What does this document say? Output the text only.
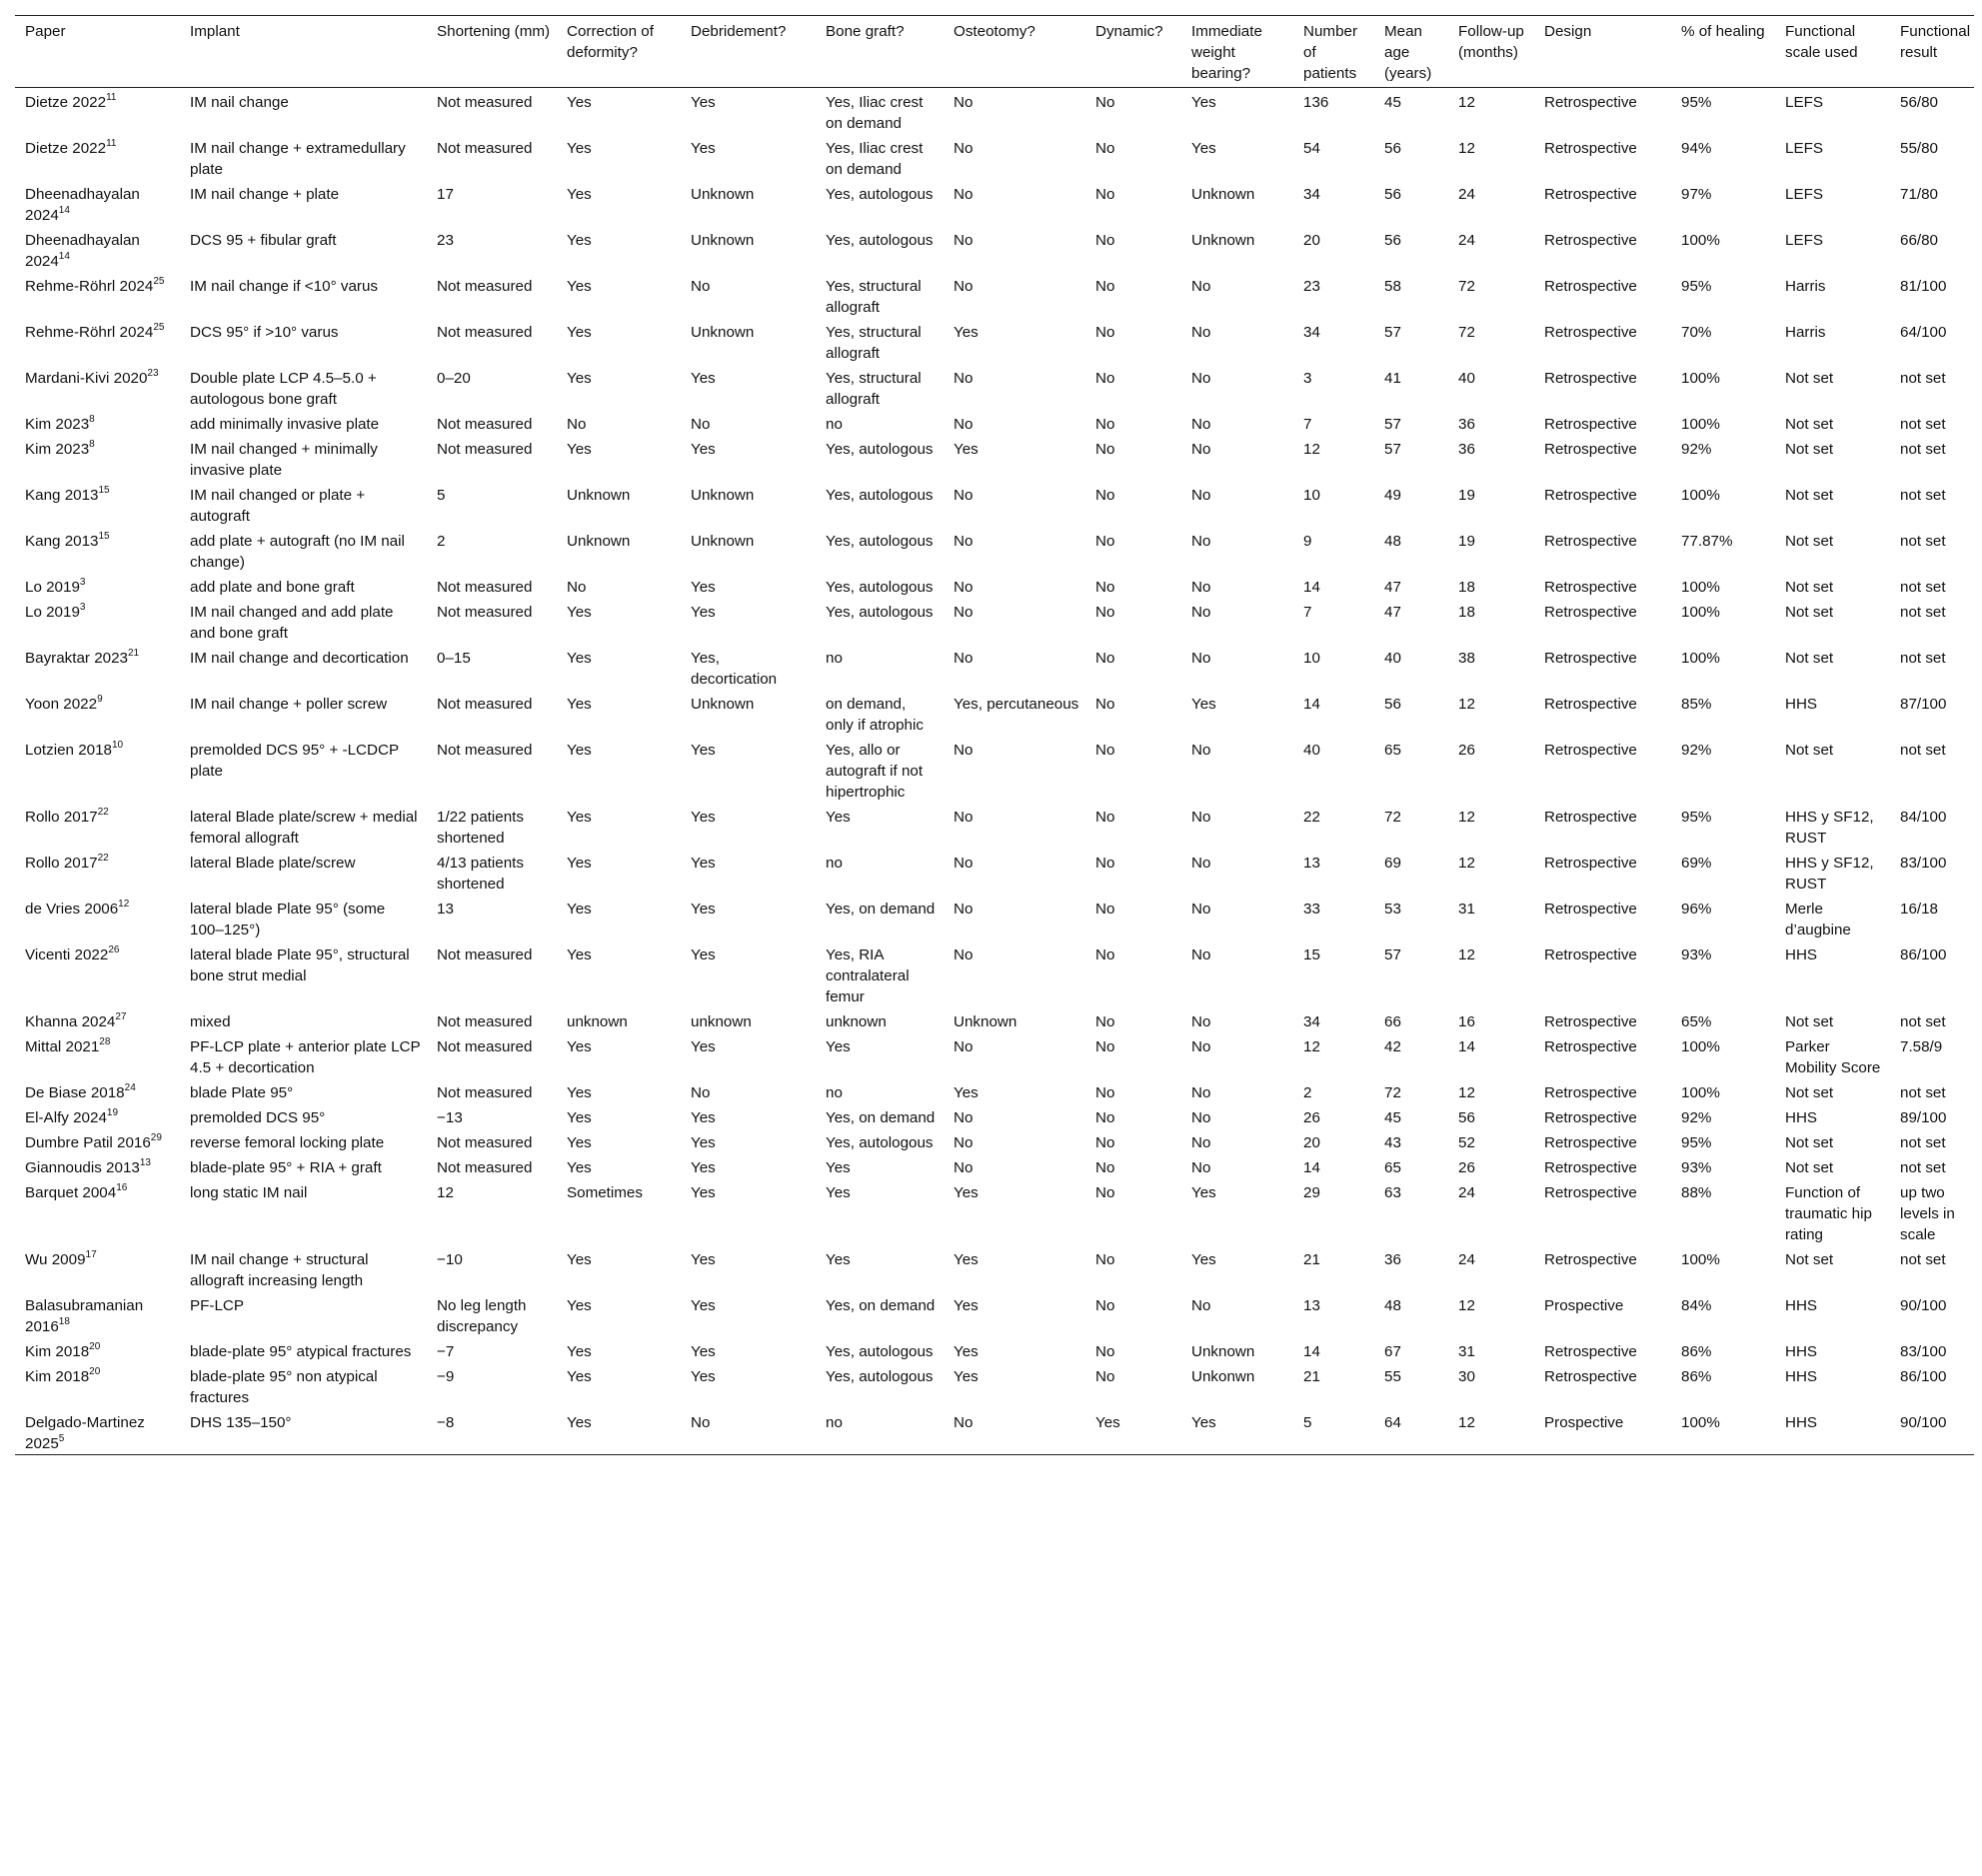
Paper	Implant	Shortening (mm)	Correction of deformity?	Debridement?	Bone graft?	Osteotomy?	Dynamic?	Immediate weight bearing?	Number of patients	Mean age (years)	Follow-up (months)	Design	% of healing	Functional scale used	Functional result
Dietze 2022$^{11}$	IM nail change	Not measured	Yes	Yes	Yes, Iliac crest on demand	No	No	Yes	136	45	12	Retrospective	95%	LEFS	56/80
Dietze 2022$^{11}$	IM nail change + extramedullary plate	Not measured	Yes	Yes	Yes, Iliac crest on demand	No	No	Yes	54	56	12	Retrospective	94%	LEFS	55/80
Dheenadhayalan 2024$^{14}$	IM nail change + plate	17	Yes	Unknown	Yes, autologous	No	No	Unknown	34	56	24	Retrospective	97%	LEFS	71/80
Dheenadhayalan 2024$^{14}$	DCS 95 + fibular graft	23	Yes	Unknown	Yes, autologous	No	No	Unknown	20	56	24	Retrospective	100%	LEFS	66/80
Rehme-Röhrl 2024$^{25}$	IM nail change if <10° varus	Not measured	Yes	No	Yes, structural allograft	No	No	No	23	58	72	Retrospective	95%	Harris	81/100
Rehme-Röhrl 2024$^{25}$	DCS 95° if >10° varus	Not measured	Yes	Unknown	Yes, structural allograft	Yes	No	No	34	57	72	Retrospective	70%	Harris	64/100
Mardani-Kivi 2020$^{23}$	Double plate LCP 4.5–5.0 + autologous bone graft	0–20	Yes	Yes	Yes, structural allograft	No	No	No	3	41	40	Retrospective	100%	Not set	not set
Kim 2023$^8$	add minimally invasive plate	Not measured	No	No	no	No	No	No	7	57	36	Retrospective	100%	Not set	not set
Kim 2023$^8$	IM nail changed + minimally invasive plate	Not measured	Yes	Yes	Yes, autologous	Yes	No	No	12	57	36	Retrospective	92%	Not set	not set
Kang 2013$^{15}$	IM nail changed or plate + autograft	5	Unknown	Unknown	Yes, autologous	No	No	No	10	49	19	Retrospective	100%	Not set	not set
Kang 2013$^{15}$	add plate + autograft (no IM nail change)	2	Unknown	Unknown	Yes, autologous	No	No	No	9	48	19	Retrospective	77.87%	Not set	not set
Lo 2019$^3$	add plate and bone graft	Not measured	No	Yes	Yes, autologous	No	No	No	14	47	18	Retrospective	100%	Not set	not set
Lo 2019$^3$	IM nail changed and add plate and bone graft	Not measured	Yes	Yes	Yes, autologous	No	No	No	7	47	18	Retrospective	100%	Not set	not set
Bayraktar 2023$^{21}$	IM nail change and decortication	0–15	Yes	Yes, decortication	no	No	No	No	10	40	38	Retrospective	100%	Not set	not set
Yoon 2022$^9$	IM nail change + poller screw	Not measured	Yes	Unknown	on demand, only if atrophic	Yes, percutaneous	No	Yes	14	56	12	Retrospective	85%	HHS	87/100
Lotzien 2018$^{10}$	premolded DCS 95° + -LCDCP plate	Not measured	Yes	Yes	Yes, allo or autograft if not hipertrophic	No	No	No	40	65	26	Retrospective	92%	Not set	not set
Rollo 2017$^{22}$	lateral Blade plate/screw + medial femoral allograft	1/22 patients shortened	Yes	Yes	Yes	No	No	No	22	72	12	Retrospective	95%	HHS y SF12, RUST	84/100
Rollo 2017$^{22}$	lateral Blade plate/screw	4/13 patients shortened	Yes	Yes	no	No	No	No	13	69	12	Retrospective	69%	HHS y SF12, RUST	83/100
de Vries 2006$^{12}$	lateral blade Plate 95° (some 100–125°)	13	Yes	Yes	Yes, on demand	No	No	No	33	53	31	Retrospective	96%	Merle d’augbine	16/18
Vicenti 2022$^{26}$	lateral blade Plate 95°, structural bone strut medial	Not measured	Yes	Yes	Yes, RIA contralateral femur	No	No	No	15	57	12	Retrospective	93%	HHS	86/100
Khanna 2024$^{27}$	mixed	Not measured	unknown	unknown	unknown	Unknown	No	No	34	66	16	Retrospective	65%	Not set	not set
Mittal 2021$^{28}$	PF-LCP plate + anterior plate LCP 4.5 + decortication	Not measured	Yes	Yes	Yes	No	No	No	12	42	14	Retrospective	100%	Parker Mobility Score	7.58/9
De Biase 2018$^{24}$	blade Plate 95°	Not measured	Yes	No	no	Yes	No	No	2	72	12	Retrospective	100%	Not set	not set
El-Alfy 2024$^{19}$	premolded DCS 95°	−13	Yes	Yes	Yes, on demand	No	No	No	26	45	56	Retrospective	92%	HHS	89/100
Dumbre Patil 2016$^{29}$	reverse femoral locking plate	Not measured	Yes	Yes	Yes, autologous	No	No	No	20	43	52	Retrospective	95%	Not set	not set
Giannoudis 2013$^{13}$	blade-plate 95° + RIA + graft	Not measured	Yes	Yes	Yes	No	No	No	14	65	26	Retrospective	93%	Not set	not set
Barquet 2004$^{16}$	long static IM nail	12	Sometimes	Yes	Yes	Yes	No	Yes	29	63	24	Retrospective	88%	Function of traumatic hip rating	up two levels in scale
Wu 2009$^{17}$	IM nail change + structural allograft increasing length	−10	Yes	Yes	Yes	Yes	No	Yes	21	36	24	Retrospective	100%	Not set	not set
Balasubramanian 2016$^{18}$	PF-LCP	No leg length discrepancy	Yes	Yes	Yes, on demand	Yes	No	No	13	48	12	Prospective	84%	HHS	90/100
Kim 2018$^{20}$	blade-plate 95° atypical fractures	−7	Yes	Yes	Yes, autologous	Yes	No	Unknown	14	67	31	Retrospective	86%	HHS	83/100
Kim 2018$^{20}$	blade-plate 95° non atypical fractures	−9	Yes	Yes	Yes, autologous	Yes	No	Unkonwn	21	55	30	Retrospective	86%	HHS	86/100
Delgado-Martinez 2025$^5$	DHS 135–150°	−8	Yes	No	no	No	Yes	Yes	5	64	12	Prospective	100%	HHS	90/100
